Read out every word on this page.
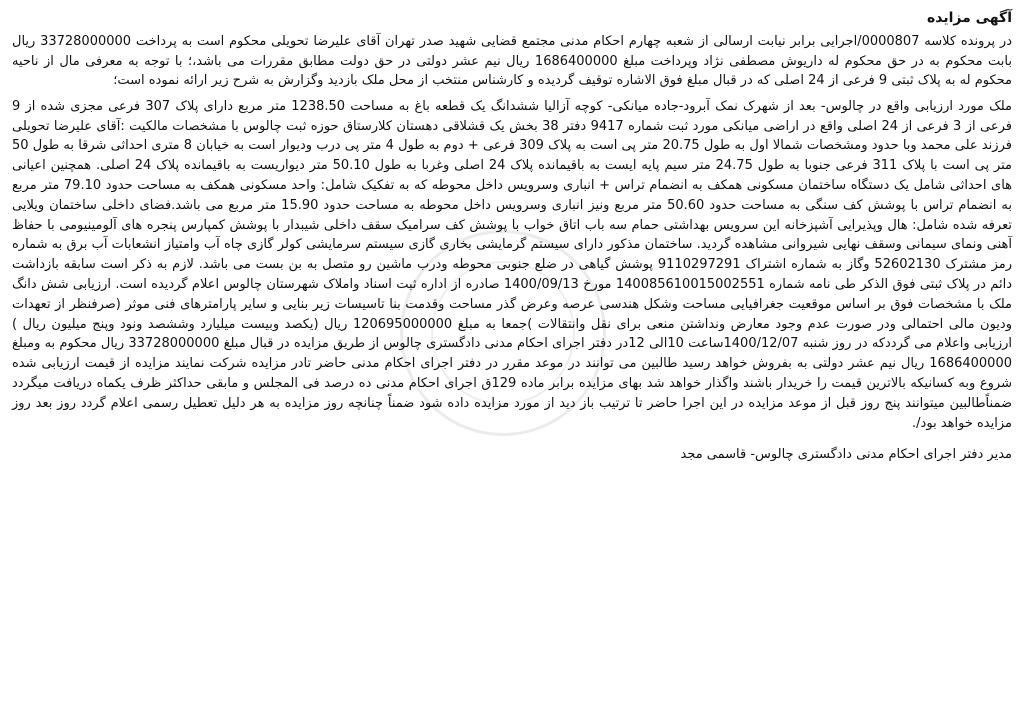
آگهی مزایده

در پرونده کلاسه 0000807/اجرایی برابر نیابت ارسالی از شعبه چهارم احکام مدنی مجتمع قضایی شهید صدر تهران آقای علیرضا تحویلی محکوم است به پرداخت 33728000000 ریال بابت محکوم به در حق محکوم له داریوش مصطفی نژاد وپرداخت مبلغ 1686400000 ریال نیم عشر دولتی در حق دولت مطابق مقررات می باشد،؛ با توجه به معرفی مال از ناحیه محکوم له به پلاک ثبتی 9 فرعی از 24 اصلی که در قبال مبلغ فوق الاشاره توقیف گردیده و کارشناس منتخب از محل ملک بازدید وگزارش به شرح زیر ارائه نموده است؛

ملک مورد ارزیابی واقع در چالوس- بعد از شهرک نمک آبرود-جاده میانکی- کوچه آزالیا ششدانگ یک قطعه باغ به مساحت 1238.50 متر مربع دارای پلاک 307 فرعی مجزی شده از 9 فرعی از 3 فرعی از 24 اصلی واقع در اراضی میانکی مورد ثبت شماره 9417 دفتر 38 بخش یک قشلاقی دهستان کلارستاق حوزه ثبت چالوس با مشخصات مالکیت :آقای علیرضا تحویلی فرزند علی محمد وبا حدود ومشخصات شمالا اول به طول 20.75 متر پی است به پلاک 309 فرعی + دوم به طول 4 متر پی درب ودیوار است به خیابان 8 متری احداثی شرقا به طول 50 متر پی است با پلاک 311 فرعی جنوبا به طول 24.75 متر سیم پایه ایست به باقیمانده پلاک 24 اصلی وغربا به طول 50.10 متر دیواریست به باقیمانده پلاک 24 اصلی. همچنین اعیانی های احداثی شامل یک دستگاه ساختمان مسکونی همکف به انضمام تراس + انباری وسرویس داخل محوطه که به تفکیک شامل: واحد مسکونی همکف به مساحت حدود 79.10 متر مربع به انضمام تراس با پوشش کف سنگی به مساحت حدود 50.60 متر مربع ونیز انباری وسرویس داخل محوطه به مساحت حدود 15.90 متر مربع می باشد.فضای داخلی ساختمان ویلایی تعرفه شده شامل: هال وپذیرایی آشپزخانه این سرویس بهداشتی حمام سه باب اتاق خواب با پوشش کف سرامیک سقف داخلی شیبدار با پوشش کمپارس پنجره های آلومینیومی با حفاظ آهنی ونمای سیمانی وسقف نهایی شیروانی مشاهده گردید. ساختمان مذکور دارای سیستم گرمایشی بخاری گازی سیستم سرمایشی کولر گازی چاه آب وامتیاز انشعابات آب برق به شماره رمز مشترک 52602130 وگاز به شماره اشتراک 9110297291 پوشش گیاهی در ضلع جنوبی محوطه ودرب ماشین رو متصل به بن بست می باشد. لازم به ذکر است سابقه بازداشت دائم در پلاک ثبتی فوق الذکر طی نامه شماره 140085610015002551 مورخ 1400/09/13 صادره از اداره ثبت اسناد واملاک شهرستان چالوس اعلام گردیده است. ارزیابی شش دانگ ملک با مشخصات فوق بر اساس موقعیت جغرافیایی مساحت وشکل هندسی عرصه وعرض گذر مساحت وقدمت بنا تاسیسات زیر بنایی و سایر پارامترهای فنی موثر (صرفنظر از تعهدات ودیون مالی احتمالی ودر صورت عدم وجود معارض ونداشتن منعی برای نقل وانتقالات )جمعا به مبلغ 120695000000 ریال (یکصد وبیست میلیارد وششصد ونود وپنج میلیون ریال ) ارزیابی واعلام می گرددکه در روز شنبه 1400/12/07ساعت 10الی 12در دفتر اجرای احکام مدنی دادگستری چالوس از طریق مزایده در قبال مبلغ 33728000000 ریال محکوم به ومبلغ 1686400000 ریال نیم عشر دولتی به بفروش خواهد رسید طالبین می توانند در موعد مقرر در دفتر اجرای احکام مدنی حاضر تادر مزایده شرکت نمایند مزایده از قیمت ارزیابی شده شروع وبه کسانیکه بالاترین قیمت را خریدار باشند واگذار خواهد شد بهای مزایده برابر ماده 129ق اجرای احکام مدنی ده درصد فی المجلس و مابقی حداکثر ظرف یکماه دریافت میگردد ضمناًطالبین میتوانند پنج روز قبل از موعد مزایده در این اجرا حاضر تا ترتیب باز دید از مورد مزایده داده شود ضمناً چنانچه روز مزایده به هر دلیل تعطیل رسمی اعلام گردد روز بعد روز مزایده خواهد بود/.

مدیر دفتر اجرای احکام مدنی دادگستری چالوس- قاسمی مجد
